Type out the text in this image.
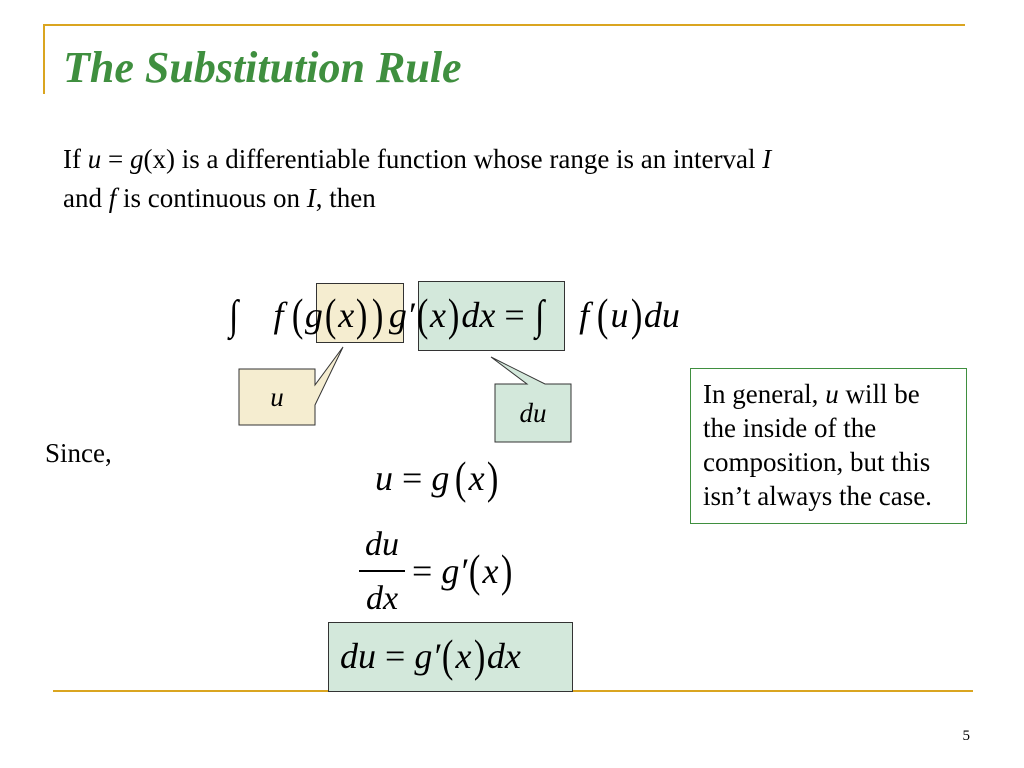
The Substitution Rule
If u = g(x) is a differentiable function whose range is an interval I
and f is continuous on I, then
∫ f (g(x)) g′(x)dx = ∫ f (u)du
u
du
Since,
u = g (x)
du
dx
= g′(x)
du = g′(x)dx
In general, u will be the inside of the composition, but this isn’t always the case.
5
